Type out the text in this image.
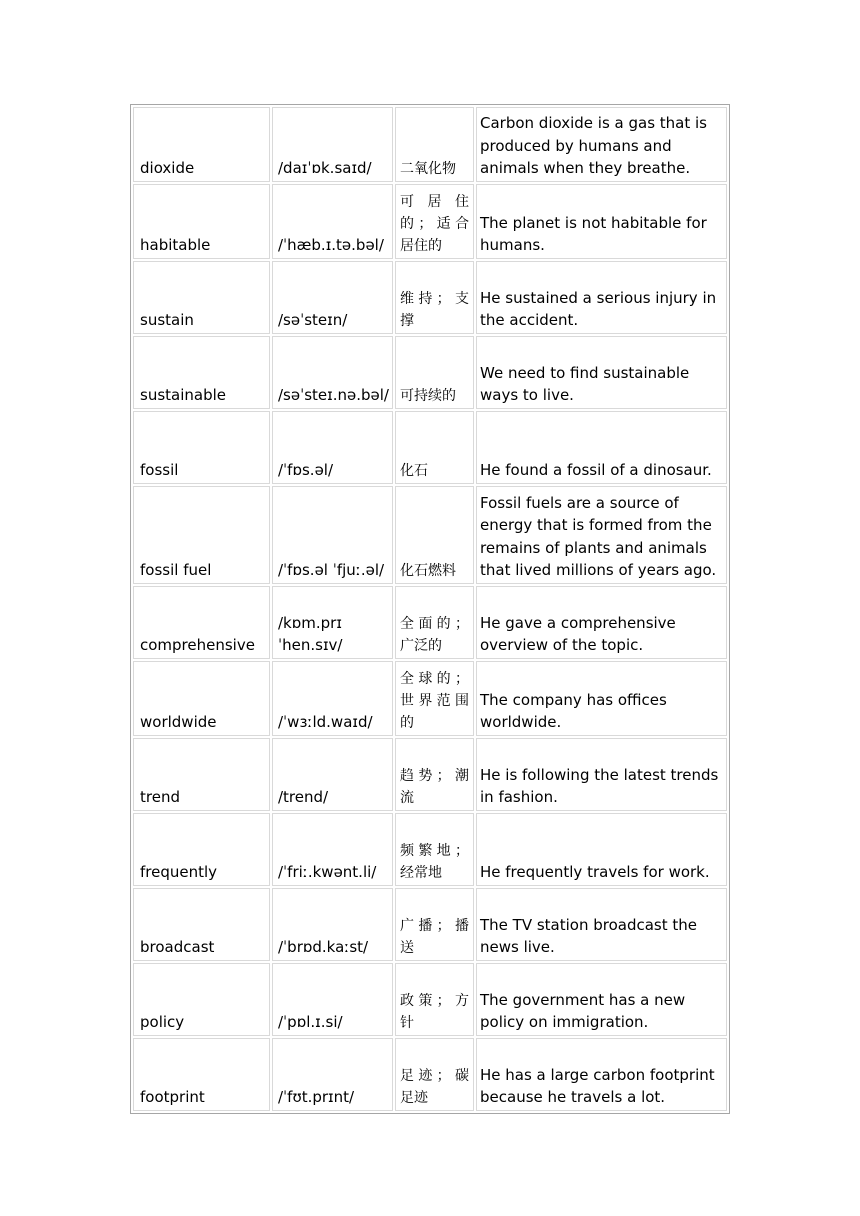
dioxide	/daɪˈɒk.saɪd/	二氧化物	Carbon dioxide is a gas that is produced by humans and animals when they breathe.
habitable	/ˈhæb.ɪ.tə.bəl/	可居住的；适合居住的	The planet is not habitable for humans.
sustain	/səˈsteɪn/	维持；支撑	He sustained a serious injury in the accident.
sustainable	/səˈsteɪ.nə.bəl/	可持续的	We need to find sustainable ways to live.
fossil	/ˈfɒs.əl/	化石	He found a fossil of a dinosaur.
fossil fuel	/ˈfɒs.əl ˈfjuː.əl/	化石燃料	Fossil fuels are a source of energy that is formed from the remains of plants and animals that lived millions of years ago.
comprehensive	/kɒm.prɪˈhen.sɪv/	全面的；广泛的	He gave a comprehensive overview of the topic.
worldwide	/ˈwɜːld.waɪd/	全球的；世界范围的	The company has offices worldwide.
trend	/trend/	趋势；潮流	He is following the latest trends in fashion.
frequently	/ˈfriː.kwənt.li/	频繁地；经常地	He frequently travels for work.
broadcast	/ˈbrɒd.kaːst/	广播；播送	The TV station broadcast the news live.
policy	/ˈpɒl.ɪ.si/	政策；方针	The government has a new policy on immigration.
footprint	/ˈfʊt.prɪnt/	足迹；碳足迹	He has a large carbon footprint because he travels a lot.
